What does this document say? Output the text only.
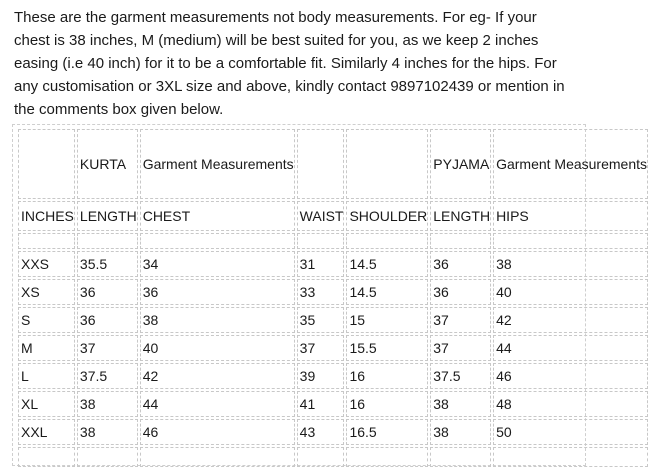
These are the garment measurements not body measurements. For eg- If your chest is 38 inches, M (medium) will be best suited for you, as we keep 2 inches easing (i.e 40 inch) for it to be a comfortable fit. Similarly 4 inches for the hips. For any customisation or 3XL size and above, kindly contact 9897102439 or mention in the comments box given below.

	KURTA	Garment Measurements			PYJAMA	Garment Measurements
INCHES	LENGTH	CHEST	WAIST	SHOULDER	LENGTH	HIPS

XXS	35.5	34	31	14.5	36	38
XS	36	36	33	14.5	36	40
S	36	38	35	15	37	42
M	37	40	37	15.5	37	44
L	37.5	42	39	16	37.5	46
XL	38	44	41	16	38	48
XXL	38	46	43	16.5	38	50
